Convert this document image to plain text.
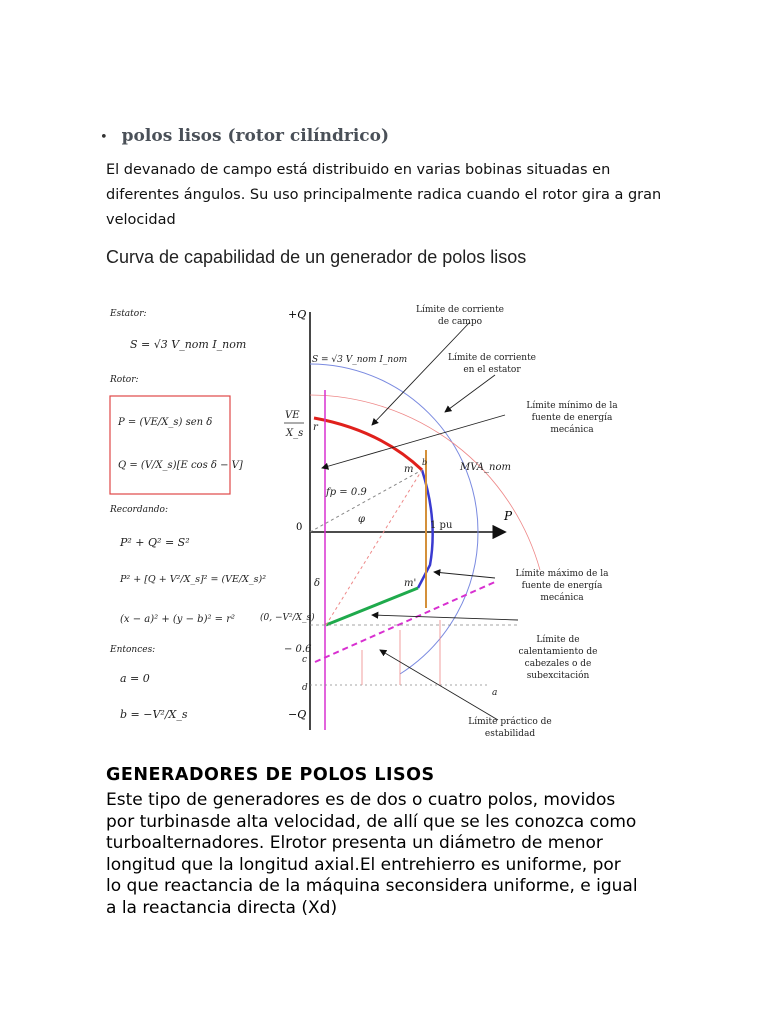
• polos lisos (rotor cilíndrico)
El devanado de campo está distribuido en varias bobinas situadas en
diferentes ángulos. Su uso principalmente radica cuando el rotor gira a gran
velocidad
Curva de capabilidad de un generador de polos lisos
Estator:
S = √3 V_nom I_nom
Rotor:
P = (VE/X_s) sen δ
Q = (V/X_s)[E cos δ − V]
Recordando:
P² + Q² = S²
P² + [Q + V²/X_s]² = (VE/X_s)²
(x − a)² + (y − b)² = r²
Entonces:
a = 0
b = −V²/X_s
+Q
−Q
P
0
VE
X_s
r
S = √3 V_nom I_nom
fp = 0.9
φ
δ
1 pu
m
m'
MVA_nom
(0, −V²/X_s)
− 0.6
d	a
c
b
Límite de corriente
de campo
Límite de corriente
en el estator
Límite mínimo de la
fuente de energía
mecánica
Límite máximo de la
fuente de energía
mecánica
Límite de
calentamiento de
cabezales o de
subexcitación
Límite práctico de
estabilidad
GENERADORES DE POLOS LISOS
Este tipo de generadores es de dos o cuatro polos, movidos
por turbinasde alta velocidad, de allí que se les conozca como
turboalternadores. Elrotor presenta un diámetro de menor
longitud que la longitud axial.El entrehierro es uniforme, por
lo que reactancia de la máquina seconsidera uniforme, e igual
a la reactancia directa (Xd)
